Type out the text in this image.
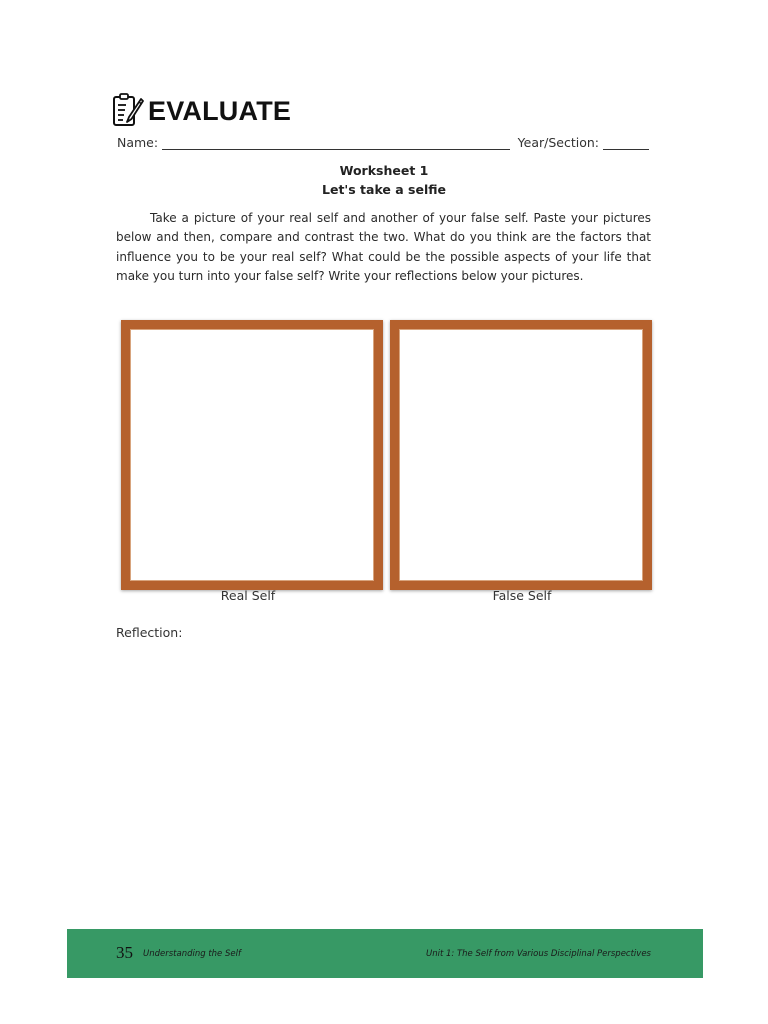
EVALUATE
Name:	Year/Section:
Worksheet 1
Let's take a selfie

Take a picture of your real self and another of your false self. Paste your pictures below and then, compare and contrast the two. What do you think are the factors that influence you to be your real self? What could be the possible aspects of your life that make you turn into your false self? Write your reflections below your pictures.

Real Self	False Self
Reflection:
35 Understanding the Self	Unit 1: The Self from Various Disciplinal Perspectives
